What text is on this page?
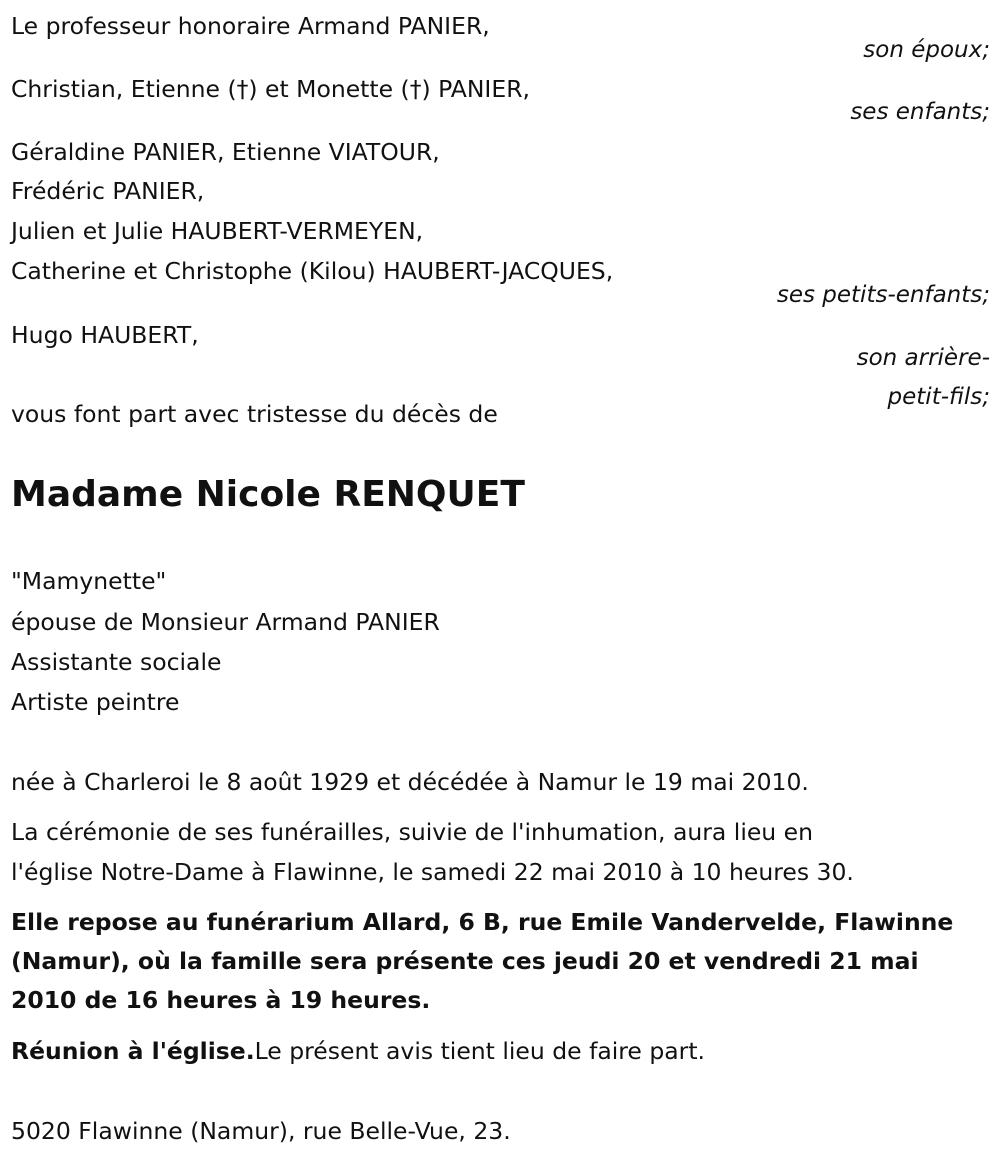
Le professeur honoraire Armand PANIER,
son époux;
Christian, Etienne (†) et Monette (†) PANIER,
ses enfants;
Géraldine PANIER, Etienne VIATOUR,
Frédéric PANIER,
Julien et Julie HAUBERT-VERMEYEN,
Catherine et Christophe (Kilou) HAUBERT-JACQUES,
ses petits-enfants;
Hugo HAUBERT,
son arrière-
petit-fils;
vous font part avec tristesse du décès de
Madame Nicole RENQUET
"Mamynette"
épouse de Monsieur Armand PANIER
Assistante sociale
Artiste peintre
née à Charleroi le 8 août 1929 et décédée à Namur le 19 mai 2010.
La cérémonie de ses funérailles, suivie de l'inhumation, aura lieu en
l'église Notre-Dame à Flawinne, le samedi 22 mai 2010 à 10 heures 30.
Elle repose au funérarium Allard, 6 B, rue Emile Vandervelde, Flawinne
(Namur), où la famille sera présente ces jeudi 20 et vendredi 21 mai
2010 de 16 heures à 19 heures.
Réunion à l'église.Le présent avis tient lieu de faire part.
5020 Flawinne (Namur), rue Belle-Vue, 23.
